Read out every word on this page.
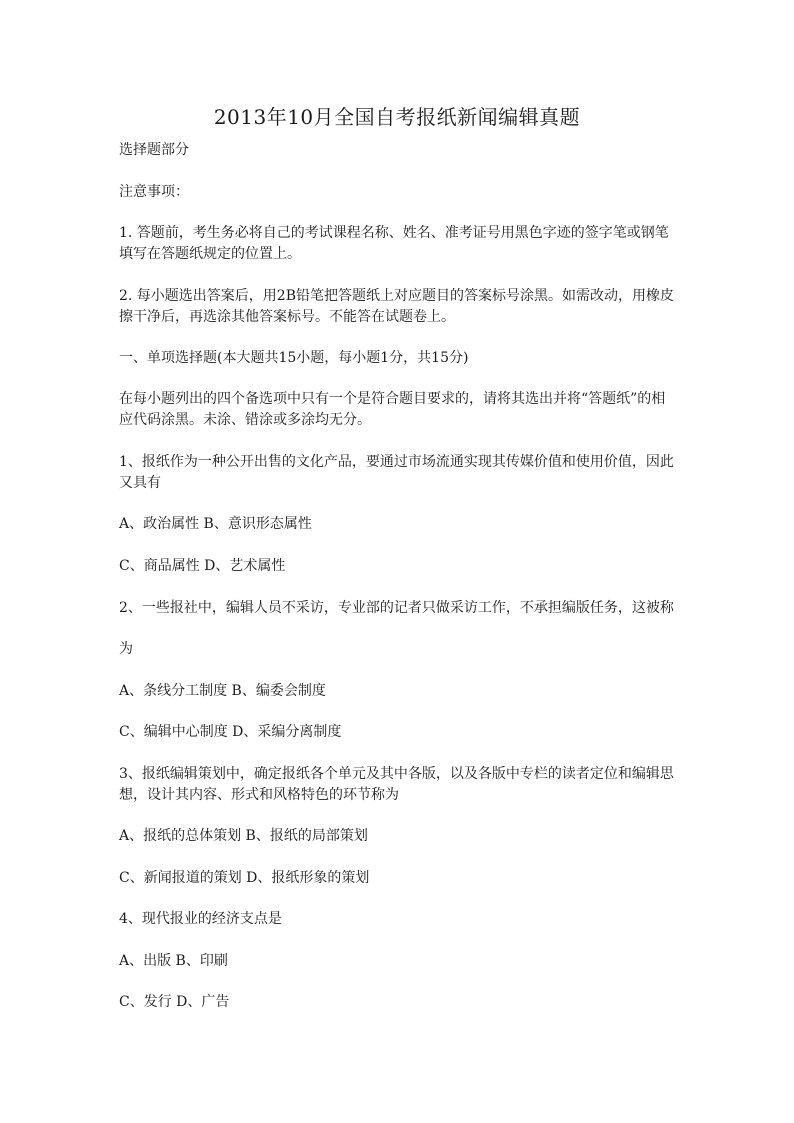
2013年10月全国自考报纸新闻编辑真题

选择题部分

注意事项：

1. 答题前，考生务必将自己的考试课程名称、姓名、准考证号用黑色字迹的签字笔或钢笔填写在答题纸规定的位置上。

2. 每小题选出答案后，用2B铅笔把答题纸上对应题目的答案标号涂黑。如需改动，用橡皮擦干净后，再选涂其他答案标号。不能答在试题卷上。

一、单项选择题(本大题共15小题，每小题1分，共15分)

在每小题列出的四个备选项中只有一个是符合题目要求的，请将其选出并将“答题纸”的相应代码涂黑。未涂、错涂或多涂均无分。

1、报纸作为一种公开出售的文化产品，要通过市场流通实现其传媒价值和使用价值，因此又具有

A、政治属性 B、意识形态属性

C、商品属性 D、艺术属性

2、一些报社中，编辑人员不采访，专业部的记者只做采访工作，不承担编版任务，这被称

为

A、条线分工制度 B、编委会制度

C、编辑中心制度 D、采编分离制度

3、报纸编辑策划中，确定报纸各个单元及其中各版，以及各版中专栏的读者定位和编辑思想，设计其内容、形式和风格特色的环节称为

A、报纸的总体策划 B、报纸的局部策划

C、新闻报道的策划 D、报纸形象的策划

4、现代报业的经济支点是

A、出版 B、印刷

C、发行 D、广告
